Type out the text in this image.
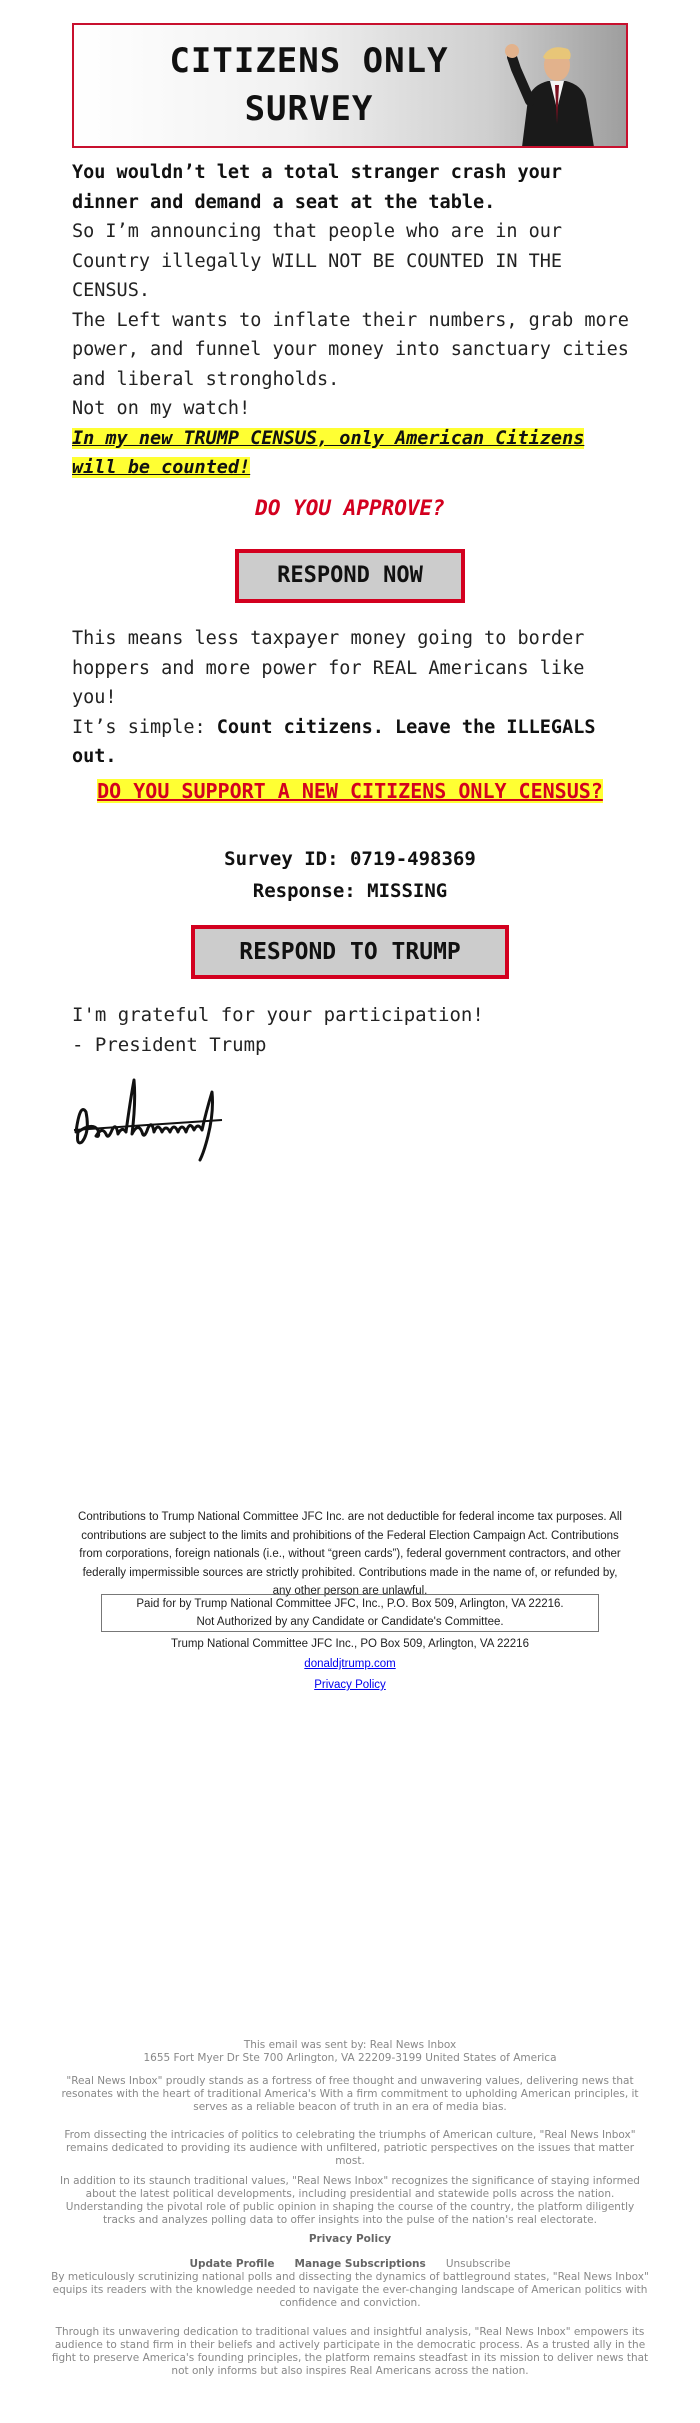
CITIZENS ONLY
SURVEY

You wouldn’t let a total stranger crash your dinner and demand a seat at the table.

So I’m announcing that people who are in our Country illegally WILL NOT BE COUNTED IN THE CENSUS.

The Left wants to inflate their numbers, grab more power, and funnel your money into sanctuary cities and liberal strongholds.

Not on my watch!

In my new TRUMP CENSUS, only American Citizens will be counted!

DO YOU APPROVE?
RESPOND NOW

This means less taxpayer money going to border hoppers and more power for REAL Americans like you!

It’s simple: Count citizens. Leave the ILLEGALS out.

DO YOU SUPPORT A NEW CITIZENS ONLY CENSUS?
Survey ID: 0719-498369
Response: MISSING
RESPOND TO TRUMP
I'm grateful for your participation!
- President Trump
Contributions to Trump National Committee JFC Inc. are not deductible for federal income tax purposes. All contributions are subject to the limits and prohibitions of the Federal Election Campaign Act. Contributions from corporations, foreign nationals (i.e., without “green cards”), federal government contractors, and other federally impermissible sources are strictly prohibited. Contributions made in the name of, or refunded by, any other person are unlawful.
Paid for by Trump National Committee JFC, Inc., P.O. Box 509, Arlington, VA 22216.
Not Authorized by any Candidate or Candidate's Committee.
Trump National Committee JFC Inc., PO Box 509, Arlington, VA 22216
donaldjtrump.com
Privacy Policy
This email was sent by: Real News Inbox
1655 Fort Myer Dr Ste 700 Arlington, VA 22209-3199 United States of America
"Real News Inbox" proudly stands as a fortress of free thought and unwavering values, delivering news that resonates with the heart of traditional America's With a firm commitment to upholding American principles, it serves as a reliable beacon of truth in an era of media bias.
From dissecting the intricacies of politics to celebrating the triumphs of American culture, "Real News Inbox" remains dedicated to providing its audience with unfiltered, patriotic perspectives on the issues that matter most.
In addition to its staunch traditional values, "Real News Inbox" recognizes the significance of staying informed about the latest political developments, including presidential and statewide polls across the nation. Understanding the pivotal role of public opinion in shaping the course of the country, the platform diligently tracks and analyzes polling data to offer insights into the pulse of the nation's real electorate.
Privacy Policy
Update Profile Manage Subscriptions Unsubscribe
By meticulously scrutinizing national polls and dissecting the dynamics of battleground states, "Real News Inbox" equips its readers with the knowledge needed to navigate the ever-changing landscape of American politics with confidence and conviction.
Through its unwavering dedication to traditional values and insightful analysis, "Real News Inbox" empowers its audience to stand firm in their beliefs and actively participate in the democratic process. As a trusted ally in the fight to preserve America's founding principles, the platform remains steadfast in its mission to deliver news that not only informs but also inspires Real Americans across the nation.
